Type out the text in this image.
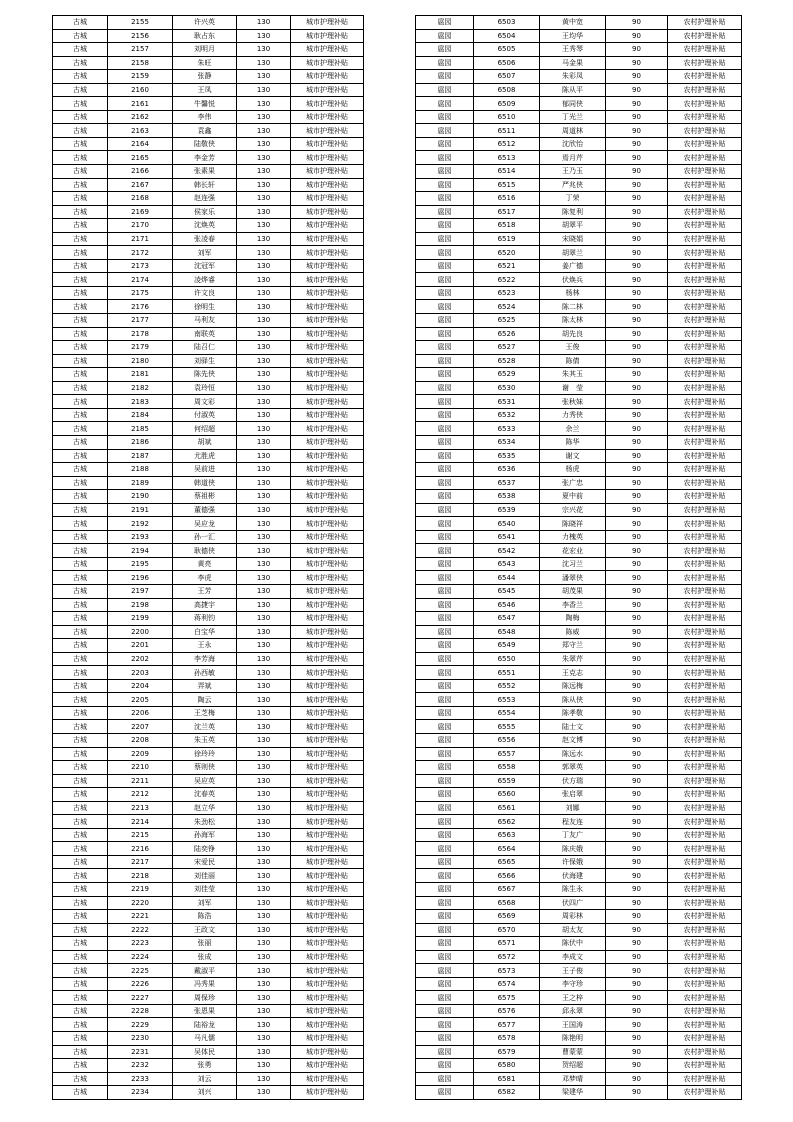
古城	2155	许兴英	130	城市护理补贴
古城	2156	耿占东	130	城市护理补贴
古城	2157	刘明月	130	城市护理补贴
古城	2158	朱旺	130	城市护理补贴
古城	2159	张静	130	城市护理补贴
古城	2160	王凤	130	城市护理补贴
古城	2161	牛馨悦	130	城市护理补贴
古城	2162	李伟	130	城市护理补贴
古城	2163	袁鑫	130	城市护理补贴
古城	2164	陆敬侠	130	城市护理补贴
古城	2165	李金芳	130	城市护理补贴
古城	2166	张素果	130	城市护理补贴
古城	2167	韩长轩	130	城市护理补贴
古城	2168	赵连强	130	城市护理补贴
古城	2169	侯家乐	130	城市护理补贴
古城	2170	沈焕英	130	城市护理补贴
古城	2171	张凌春	130	城市护理补贴
古城	2172	刘军	130	城市护理补贴
古城	2173	沈冠军	130	城市护理补贴
古城	2174	凌烨睿	130	城市护理补贴
古城	2175	许文良	130	城市护理补贴
古城	2176	徐明生	130	城市护理补贴
古城	2177	马利友	130	城市护理补贴
古城	2178	南联英	130	城市护理补贴
古城	2179	陆召仁	130	城市护理补贴
古城	2180	刘驿生	130	城市护理补贴
古城	2181	陈先侠	130	城市护理补贴
古城	2182	袁玲恒	130	城市护理补贴
古城	2183	周文彩	130	城市护理补贴
古城	2184	付淑英	130	城市护理补贴
古城	2185	何绍超	130	城市护理补贴
古城	2186	胡斌	130	城市护理补贴
古城	2187	尤胜虎	130	城市护理补贴
古城	2188	吴前进	130	城市护理补贴
古城	2189	韩道侠	130	城市护理补贴
古城	2190	蔡祖彬	130	城市护理补贴
古城	2191	董德强	130	城市护理补贴
古城	2192	吴应龙	130	城市护理补贴
古城	2193	孙一汇	130	城市护理补贴
古城	2194	耿德侠	130	城市护理补贴
古城	2195	黄亮	130	城市护理补贴
古城	2196	李虎	130	城市护理补贴
古城	2197	王芳	130	城市护理补贴
古城	2198	高捷宇	130	城市护理补贴
古城	2199	蒋利钧	130	城市护理补贴
古城	2200	白宝华	130	城市护理补贴
古城	2201	王永	130	城市护理补贴
古城	2202	李芳海	130	城市护理补贴
古城	2203	孙西敏	130	城市护理补贴
古城	2204	弄斌	130	城市护理补贴
古城	2205	陶云	130	城市护理补贴
古城	2206	王芝梅	130	城市护理补贴
古城	2207	沈兰英	130	城市护理补贴
古城	2208	朱玉英	130	城市护理补贴
古城	2209	徐玲玲	130	城市护理补贴
古城	2210	蔡则侠	130	城市护理补贴
古城	2211	吴应英	130	城市护理补贴
古城	2212	沈春英	130	城市护理补贴
古城	2213	赵立华	130	城市护理补贴
古城	2214	朱劲松	130	城市护理补贴
古城	2215	孙海军	130	城市护理补贴
古城	2216	陆奕铮	130	城市护理补贴
古城	2217	宋爱民	130	城市护理补贴
古城	2218	刘佳丽	130	城市护理补贴
古城	2219	刘佳莹	130	城市护理补贴
古城	2220	刘军	130	城市护理补贴
古城	2221	陈浩	130	城市护理补贴
古城	2222	王政文	130	城市护理补贴
古城	2223	张丽	130	城市护理补贴
古城	2224	张成	130	城市护理补贴
古城	2225	戴淑平	130	城市护理补贴
古城	2226	冯秀果	130	城市护理补贴
古城	2227	周保珍	130	城市护理补贴
古城	2228	张恩果	130	城市护理补贴
古城	2229	陆裕龙	130	城市护理补贴
古城	2230	马凡儒	130	城市护理补贴
古城	2231	吴体民	130	城市护理补贴
古城	2232	张勇	130	城市护理补贴
古城	2233	刘云	130	城市护理补贴
古城	2234	刘兴	130	城市护理补贴
扈园	6503	黄中宽	90	农村护理补贴
扈园	6504	王均华	90	农村护理补贴
扈园	6505	王秀琴	90	农村护理补贴
扈园	6506	马金果	90	农村护理补贴
扈园	6507	朱彩凤	90	农村护理补贴
扈园	6508	陈从平	90	农村护理补贴
扈园	6509	郁同侠	90	农村护理补贴
扈园	6510	丁光兰	90	农村护理补贴
扈园	6511	周道林	90	农村护理补贴
扈园	6512	沈欣怡	90	农村护理补贴
扈园	6513	焉月芹	90	农村护理补贴
扈园	6514	王乃玉	90	农村护理补贴
扈园	6515	严兆侠	90	农村护理补贴
扈园	6516	丁荣	90	农村护理补贴
扈园	6517	陈复利	90	农村护理补贴
扈园	6518	胡翠平	90	农村护理补贴
扈园	6519	宋晓娟	90	农村护理补贴
扈园	6520	胡翠兰	90	农村护理补贴
扈园	6521	姜广德	90	农村护理补贴
扈园	6522	伏焕兵	90	农村护理补贴
扈园	6523	杨林	90	农村护理补贴
扈园	6524	陈二林	90	农村护理补贴
扈园	6525	陈太林	90	农村护理补贴
扈园	6526	胡先良	90	农村护理补贴
扈园	6527	王俊	90	农村护理补贴
扈园	6528	陈倩	90	农村护理补贴
扈园	6529	朱其玉	90	农村护理补贴
扈园	6530	谢　莹	90	农村护理补贴
扈园	6531	张秋妹	90	农村护理补贴
扈园	6532	力秀侠	90	农村护理补贴
扈园	6533	余兰	90	农村护理补贴
扈园	6534	陈华	90	农村护理补贴
扈园	6535	谢文	90	农村护理补贴
扈园	6536	杨虎	90	农村护理补贴
扈园	6537	张广忠	90	农村护理补贴
扈园	6538	夏中前	90	农村护理补贴
扈园	6539	宗兴花	90	农村护理补贴
扈园	6540	陈晓祥	90	农村护理补贴
扈园	6541	力槐英	90	农村护理补贴
扈园	6542	花宏业	90	农村护理补贴
扈园	6543	沈习兰	90	农村护理补贴
扈园	6544	潘翠侠	90	农村护理补贴
扈园	6545	胡茂果	90	农村护理补贴
扈园	6546	李香兰	90	农村护理补贴
扈园	6547	陶梅	90	农村护理补贴
扈园	6548	陈威	90	农村护理补贴
扈园	6549	郑守兰	90	农村护理补贴
扈园	6550	朱翠芹	90	农村护理补贴
扈园	6551	王克志	90	农村护理补贴
扈园	6552	陈远梅	90	农村护理补贴
扈园	6553	陈从侠	90	农村护理补贴
扈园	6554	陈孝敬	90	农村护理补贴
扈园	6555	陆士文	90	农村护理补贴
扈园	6556	赵文博	90	农村护理补贴
扈园	6557	陈远水	90	农村护理补贴
扈园	6558	郭翠英	90	农村护理补贴
扈园	6559	伏方瑞	90	农村护理补贴
扈园	6560	张启翠	90	农村护理补贴
扈园	6561	刘娜	90	农村护理补贴
扈园	6562	程友连	90	农村护理补贴
扈园	6563	丁友广	90	农村护理补贴
扈园	6564	陈庆娥	90	农村护理补贴
扈园	6565	许保娥	90	农村护理补贴
扈园	6566	伏海建	90	农村护理补贴
扈园	6567	陈生永	90	农村护理补贴
扈园	6568	伏四广	90	农村护理补贴
扈园	6569	周彩林	90	农村护理补贴
扈园	6570	胡太友	90	农村护理补贴
扈园	6571	陈伏中	90	农村护理补贴
扈园	6572	李成文	90	农村护理补贴
扈园	6573	王子俊	90	农村护理补贴
扈园	6574	李守珍	90	农村护理补贴
扈园	6575	王之梓	90	农村护理补贴
扈园	6576	邱永翠	90	农村护理补贴
扈园	6577	王国涛	90	农村护理补贴
扈园	6578	陈艳明	90	农村护理补贴
扈园	6579	曹蒙蒙	90	农村护理补贴
扈园	6580	贺绍超	90	农村护理补贴
扈园	6581	邓梦晴	90	农村护理补贴
扈园	6582	梁建华	90	农村护理补贴
